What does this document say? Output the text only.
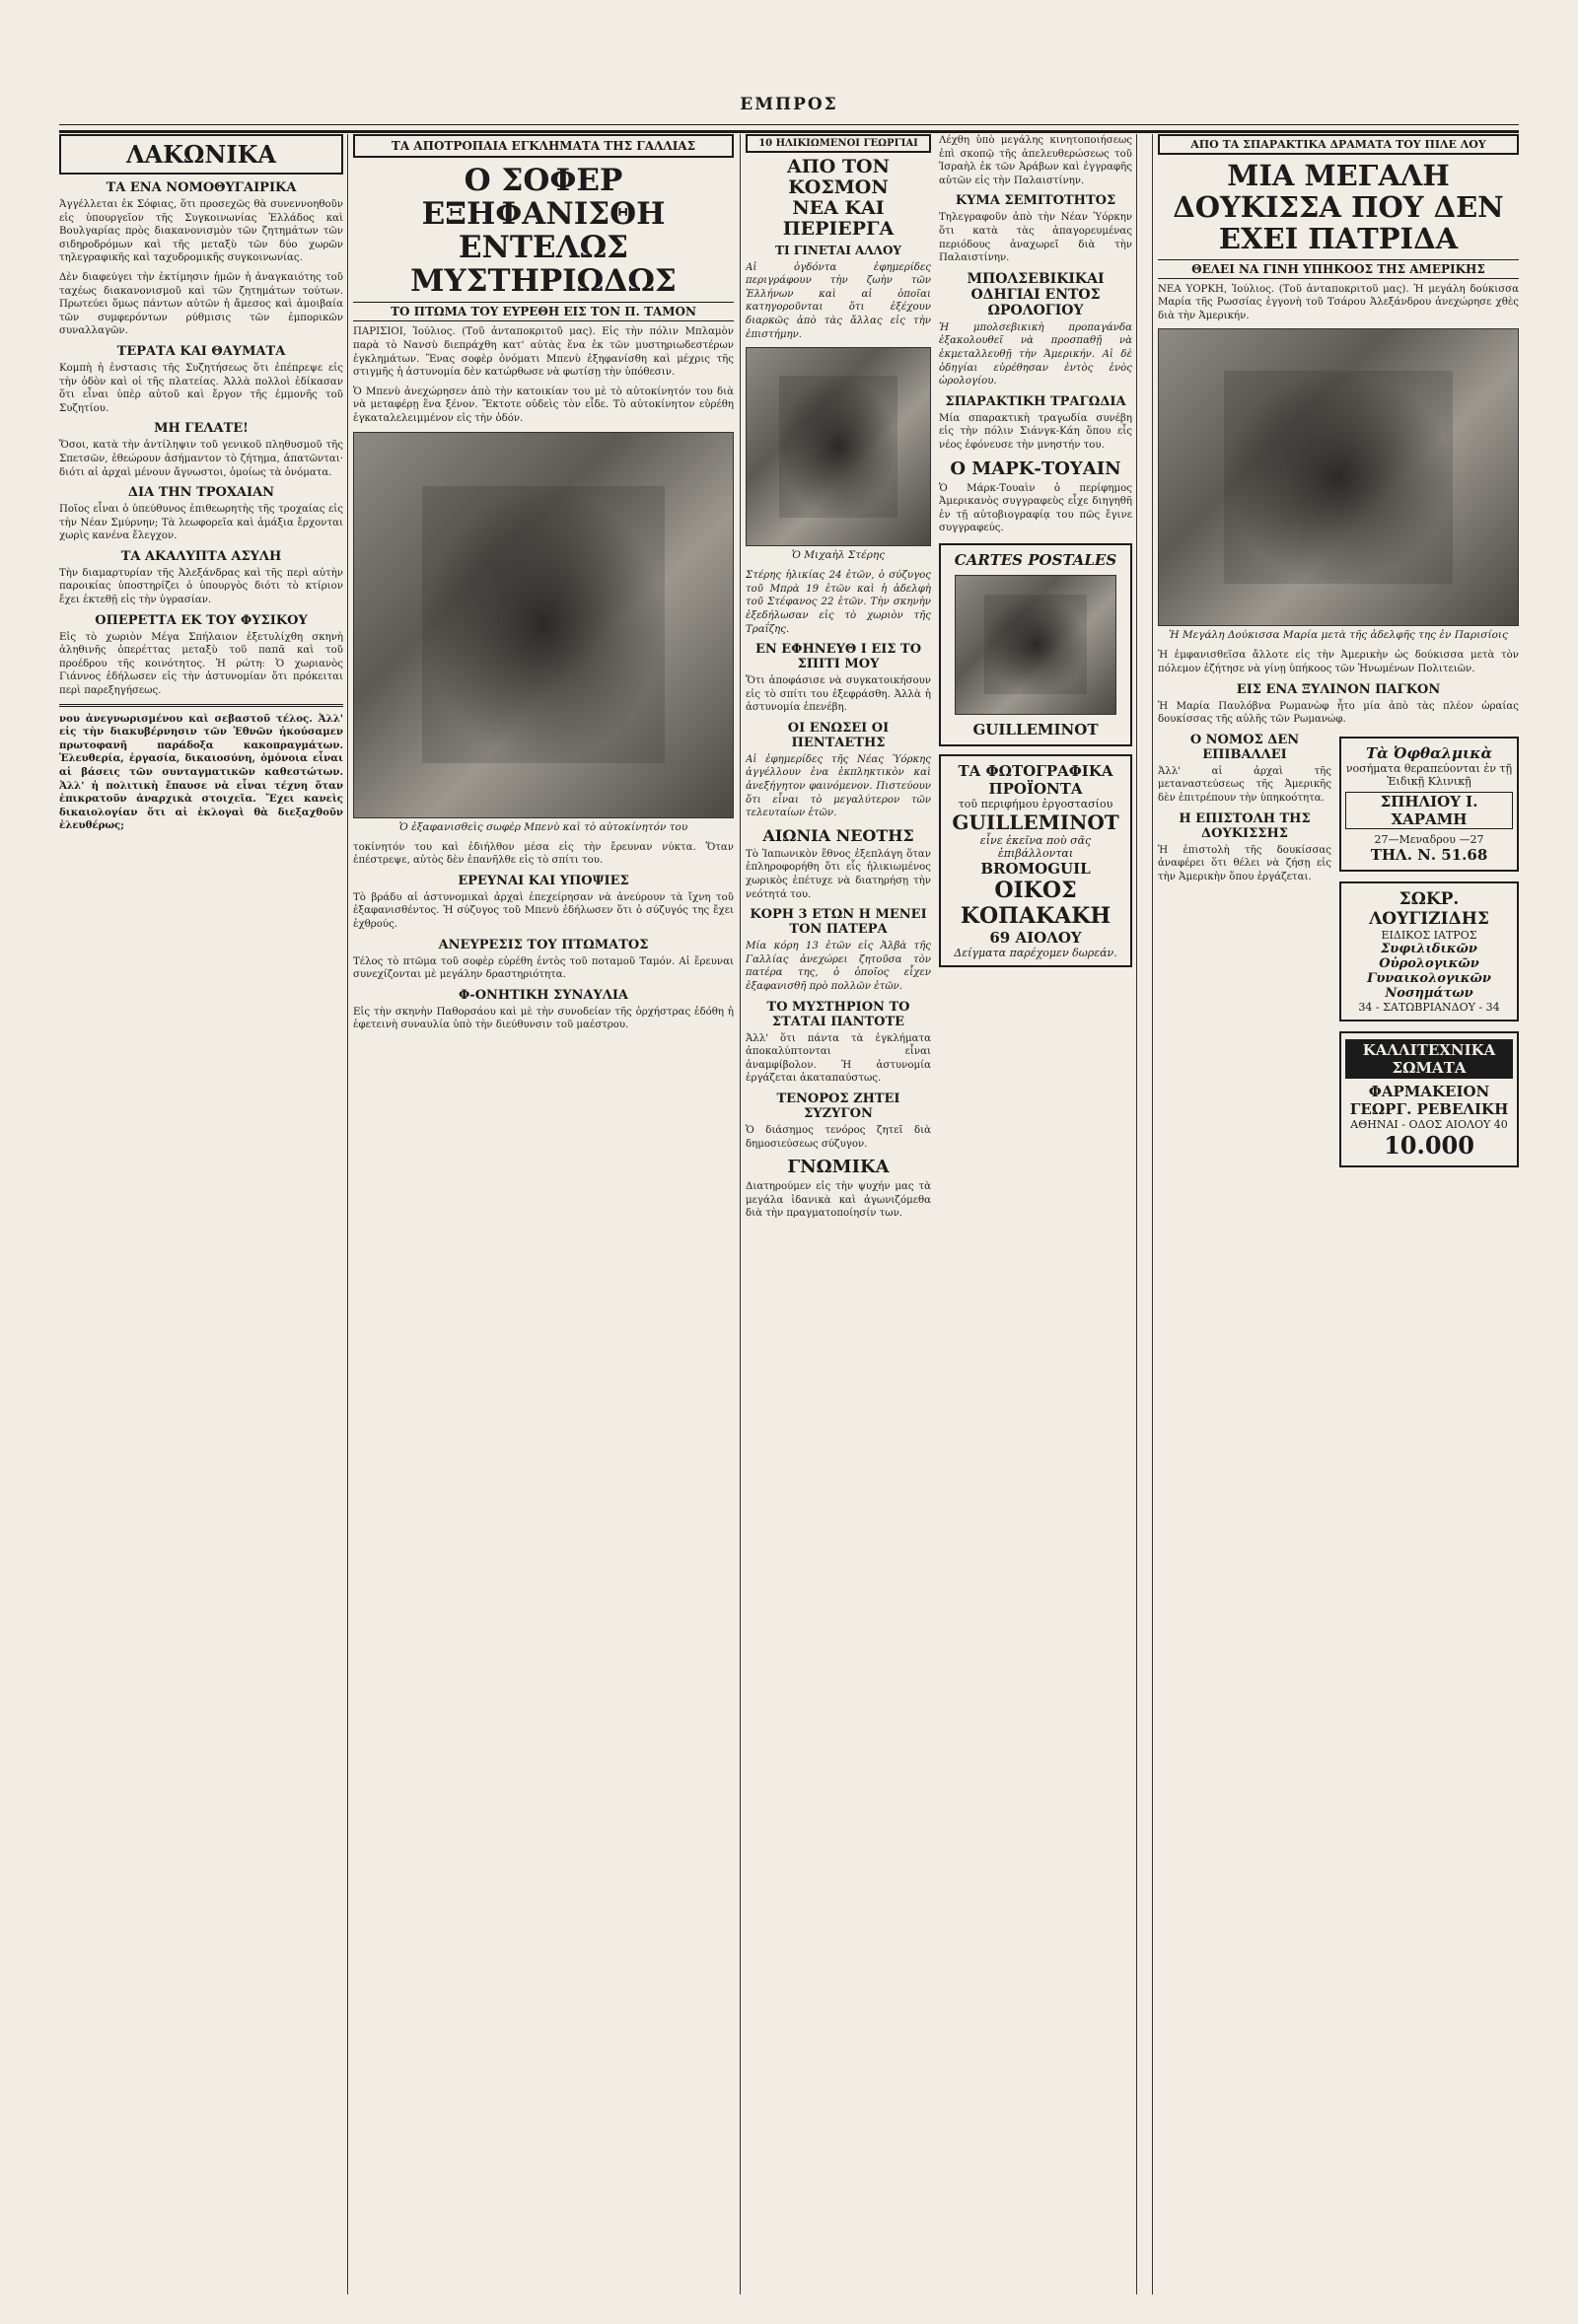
ΕΜΠΡΟΣ
ΛΑΚΩΝΙΚΑ
ΤΑ ΕΝΑ ΝΟΜΟΘΥΓΑΙΡΙΚΑ

Ἀγγέλλεται ἐκ Σόφιας, ὅτι προσεχῶς θὰ συνεννοηθοῦν εἰς ὑπουργεῖον τῆς Συγκοινωνίας Ἑλλάδος καὶ Βουλγαρίας πρὸς διακανονισμὸν τῶν ζητημάτων τῶν σιδηροδρόμων καὶ τῆς μεταξὺ τῶν δύο χωρῶν τηλεγραφικῆς καὶ ταχυδρομικῆς συγκοινωνίας.

Δὲν διαφεύγει τὴν ἐκτίμησιν ἡμῶν ἡ ἀναγκαιότης τοῦ ταχέως διακανονισμοῦ καὶ τῶν ζητημάτων τούτων. Πρωτεύει ὅμως πάντων αὐτῶν ἡ ἄμεσος καὶ ἀμοιβαία τῶν συμφερόντων ρύθμισις τῶν ἐμπορικῶν συναλλαγῶν.

ΤΕΡΑΤΑ ΚΑΙ ΘΑΥΜΑΤΑ

Κομπὴ ἡ ἐνστασις τῆς Συζητήσεως ὅτι ἐπέπρεψε εἰς τὴν ὁδὸν καὶ οἱ τῆς πλατείας. Ἀλλὰ πολλοὶ ἐδίκασαν ὅτι εἶναι ὑπὲρ αὐτοῦ καὶ ἔργον τῆς ἐμμονῆς τοῦ Συζητίου.

ΜΗ ΓΕΛΑΤΕ!

Ὅσοι, κατὰ τὴν ἀντίληψιν τοῦ γενικοῦ πληθυσμοῦ τῆς Σπετσῶν, ἐθεώρουν ἀσήμαντον τὸ ζήτημα, ἀπατῶνται· διότι αἱ ἀρχαὶ μένουν ἄγνωστοι, ὁμοίως τὰ ὁνόματα.

ΔΙΑ ΤΗΝ ΤΡΟΧΑΙΑΝ

Ποῖος εἶναι ὁ ὑπεύθυνος ἐπιθεωρητὴς τῆς τροχαίας εἰς τὴν Νέαν Σμύρνην; Τὰ λεωφορεῖα καὶ ἀμάξια ἔρχονται χωρὶς κανένα ἔλεγχον.

ΤΑ ΑΚΑΛΥΠΤΑ ΑΣΥΛΗ

Τὴν διαμαρτυρίαν τῆς Ἀλεξάνδρας καὶ τῆς περὶ αὐτὴν παροικίας ὑποστηρίζει ὁ ὑπουργὸς διότι τὸ κτίριον ἔχει ἐκτεθῇ εἰς τὴν ὑγρασίαν.

ΟΠΕΡΕΤΤΑ ΕΚ ΤΟΥ ΦΥΣΙΚΟΥ

Εἰς τὸ χωριὸν Μέγα Σπήλαιον ἐξετυλίχθη σκηνὴ ἀληθινῆς ὀπερέττας μεταξὺ τοῦ παπᾶ καὶ τοῦ προέδρου τῆς κοινότητος. Ἡ ρώτη: Ὁ χωριανὸς Γιάννος ἐδήλωσεν εἰς τὴν ἀστυνομίαν ὅτι πρόκειται περὶ παρεξηγήσεως.

νου ἀνεγνωρισμένου καὶ σεβαστοῦ τέλος. Ἀλλ' εἰς τὴν διακυβέρνησιν τῶν Ἐθνῶν ἠκούσαμεν πρωτοφανῆ παράδοξα κακοπραγμάτων. Ἐλευθερία, ἐργασία, δικαιοσύνη, ὁμόνοια εἶναι αἱ βάσεις τῶν συνταγματικῶν καθεστώτων. Ἀλλ' ἡ πολιτικὴ ἔπαυσε νὰ εἶναι τέχνη ὅταν ἐπικρατοῦν ἀναρχικὰ στοιχεῖα. Ἔχει κανεὶς δικαιολογίαν ὅτι αἱ ἐκλογαὶ θὰ διεξαχθοῦν ἐλευθέρως;

ΤΑ ΑΠΟΤΡΟΠΑΙΑ ΕΓΚΛΗΜΑΤΑ ΤΗΣ ΓΑΛΛΙΑΣ
Ο ΣΟΦΕΡ ΕΞΗΦΑΝΙΣΘΗ ΕΝΤΕΛΩΣ ΜΥΣΤΗΡΙΩΔΩΣ
ΤΟ ΠΤΩΜΑ ΤΟΥ ΕΥΡΕΘΗ ΕΙΣ ΤΟΝ Π. ΤΑΜΟΝ

ΠΑΡΙΣΙΟΙ, Ἰούλιος. (Τοῦ ἀνταποκριτοῦ μας). Εἰς τὴν πόλιν Μπλαμὸν παρὰ τὸ Νανσὺ διεπράχθη κατ' αὐτὰς ἕνα ἐκ τῶν μυστηριωδεστέρων ἐγκλημάτων. Ἕνας σοφὲρ ὀνόματι Μπενὺ ἐξηφανίσθη καὶ μέχρις τῆς στιγμῆς ἡ ἀστυνομία δὲν κατώρθωσε νὰ φωτίσῃ τὴν ὑπόθεσιν.

Ὁ Μπενὺ ἀνεχώρησεν ἀπὸ τὴν κατοικίαν του μὲ τὸ αὐτοκίνητόν του διὰ νὰ μεταφέρῃ ἕνα ξένον. Ἔκτοτε οὐδεὶς τὸν εἶδε. Τὸ αὐτοκίνητον εὑρέθη ἐγκαταλελειμμένον εἰς τὴν ὁδόν.

Ὁ ἐξαφανισθεὶς σωφὲρ Μπενὺ καὶ τὸ αὐτοκίνητόν του

τοκίνητόν του καὶ ἐδιήλθον μέσα εἰς τὴν ἔρευναν νύκτα. Ὅταν ἐπέστρεψε, αὐτὸς δὲν ἐπανῆλθε εἰς τὸ σπίτι του.

ΕΡΕΥΝΑΙ ΚΑΙ ΥΠΟΨΙΕΣ

Τὸ βράδυ αἱ ἀστυνομικαὶ ἀρχαὶ ἐπεχείρησαν νὰ ἀνεύρουν τὰ ἴχνη τοῦ ἐξαφανισθέντος. Ἡ σύζυγος τοῦ Μπενὺ ἐδήλωσεν ὅτι ὁ σύζυγός της ἔχει ἐχθρούς.

ΑΝΕΥΡΕΣΙΣ ΤΟΥ ΠΤΩΜΑΤΟΣ

Τέλος τὸ πτῶμα τοῦ σοφὲρ εὑρέθη ἐντὸς τοῦ ποταμοῦ Ταμόν. Αἱ ἔρευναι συνεχίζονται μὲ μεγάλην δραστηριότητα.

Φ-ΟΝΗΤΙΚΗ ΣΥΝΑΥΛΙΑ

Εἰς τὴν σκηνὴν Παθορσάου καὶ μὲ τὴν συνοδείαν τῆς ὀρχήστρας ἐδόθη ἡ ἐφετεινὴ συναυλία ὑπὸ τὴν διεύθυνσιν τοῦ μαέστρου.

10 ΗΛΙΚΙΩΜΕΝΟΙ ΓΕΩΡΓΙΑΙ
ΑΠΟ ΤΟΝ ΚΟΣΜΟΝ
ΝΕΑ ΚΑΙ ΠΕΡΙΕΡΓΑ
ΤΙ ΓΙΝΕΤΑΙ ΑΛΛΟΥ

Αἱ ὀγδόντα ἐφημερίδες περιγράφουν τὴν ζωὴν τῶν Ἐλλήνων καὶ αἱ ὁποῖαι κατηγοροῦνται ὅτι ἐξέχουν διαρκῶς ἀπὸ τὰς ἄλλας εἰς τὴν ἐπιστήμην.

Ὁ Μιχαὴλ Στέρης

Στέρης ἡλικίας 24 ἐτῶν, ὁ σύζυγος τοῦ Μπρὰ 19 ἐτῶν καὶ ἡ ἀδελφὴ τοῦ Στέφανος 22 ἐτῶν. Τὴν σκηνὴν ἐξεδήλωσαν εἰς τὸ χωριὸν τῆς Τραΐζης.

ΕΝ ΕΦΗΝΕΥΘ Ι ΕΙΣ ΤΟ ΣΠΙΤΙ ΜΟΥ

Ὅτι ἀποφάσισε νὰ συγκατοικήσουν εἰς τὸ σπίτι του ἐξεφράσθη. Ἀλλὰ ἡ ἀστυνομία ἐπενέβη.

ΟΙ ΕΝΩΣΕΙ ΟΙ ΠΕΝΤΑΕΤΗΣ

Αἱ ἐφημερίδες τῆς Νέας Ὑόρκης ἀγγέλλουν ἐνα ἐκπληκτικὸν καὶ ἀνεξήγητον φαινόμενον. Πιστεύουν ὅτι εἶναι τὸ μεγαλύτερον τῶν τελευταίων ἐτῶν.

ΑΙΩΝΙΑ ΝΕΟΤΗΣ

Τὸ Ἰαπωνικὸν ἔθνος ἐξεπλάγη ὅταν ἐπληροφορήθη ὅτι εἷς ἡλικιωμένος χωρικὸς ἐπέτυχε νὰ διατηρήσῃ τὴν νεότητά του.

ΚΟΡΗ 3 ΕΤΩΝ Η ΜΕΝΕΙ ΤΟΝ ΠΑΤΕΡΑ

Μία κόρη 13 ἐτῶν εἰς Ἀλβὰ τῆς Γαλλίας ἀνεχώρει ζητοῦσα τὸν πατέρα της, ὁ ὁποῖος εἶχεν ἐξαφανισθῆ πρὸ πολλῶν ἐτῶν.

ΤΟ ΜΥΣΤΗΡΙΟΝ ΤΟ ΣΤΑΤΑΙ ΠΑΝΤΟΤΕ

Ἀλλ' ὅτι πάντα τὰ ἐγκλήματα ἀποκαλύπτονται εἶναι ἀναμφίβολον. Ἡ ἀστυνομία ἐργάζεται ἀκαταπαύστως.

ΤΕΝΟΡΟΣ ΖΗΤΕΙ ΣΥΖΥΓΟΝ

Ὁ διάσημος τενόρος ζητεῖ διὰ δημοσιεύσεως σύζυγον.

ΓΝΩΜΙΚΑ

Διατηρούμεν εἰς τὴν ψυχήν μας τὰ μεγάλα ἰδανικὰ καὶ ἀγωνιζόμεθα διὰ τὴν πραγματοποίησίν των.

Λέχθη ὑπὸ μεγάλης κινητοποιήσεως ἐπὶ σκοπῷ τῆς ἀπελευθερώσεως τοῦ Ἰσραὴλ ἐκ τῶν Ἀράβων καὶ ἐγγραφῆς αὐτῶν εἰς τὴν Παλαιστίνην.

ΚΥΜΑ ΣΕΜΙΤΟΤΗΤΟΣ

Τηλεγραφοῦν ἀπὸ τὴν Νέαν Ὑόρκην ὅτι κατὰ τὰς ἀπαγορευμένας περιόδους ἀναχωρεῖ διὰ τὴν Παλαιστίνην.

ΜΠΟΛΣΕΒΙΚΙΚΑΙ ΟΔΗΓΙΑΙ ΕΝΤΟΣ ΩΡΟΛΟΓΙΟΥ

Ἡ μπολσεβικικὴ προπαγάνδα ἐξακολουθεῖ νὰ προσπαθῇ νὰ ἐκμεταλλευθῇ τὴν Ἀμερικήν. Αἱ δὲ ὁδηγίαι εὑρέθησαν ἐντὸς ἑνὸς ὡρολογίου.

ΣΠΑΡΑΚΤΙΚΗ ΤΡΑΓΩΔΙΑ

Μία σπαρακτικὴ τραγωδία συνέβη εἰς τὴν πόλιν Σιάνγκ-Κάη ὅπου εἷς νέος ἐφόνευσε τὴν μνηστήν του.

Ο ΜΑΡΚ-ΤΟΥΑΙΝ

Ὁ Μάρκ-Τουαὶν ὁ περίφημος Ἀμερικανὸς συγγραφεὺς εἶχε διηγηθῆ ἐν τῇ αὐτοβιογραφίᾳ του πῶς ἔγινε συγγραφεύς.

CARTES POSTALES
GUILLEMINOT
ΤΑ ΦΩΤΟΓΡΑΦΙΚΑ ΠΡΟΪΟΝΤΑ
τοῦ περιφήμου ἐργοστασίου
GUILLEMINOT
εἶνε ἐκεῖνα ποὺ σᾶς ἐπιβάλλονται
BROMOGUIL
ΟΙΚΟΣ ΚΟΠΑΚΑΚΗ
69 ΑΙΟΛΟΥ
Δείγματα παρέχομεν δωρεάν.
ΑΠΟ ΤΑ ΣΠΑΡΑΚΤΙΚΑ ΔΡΑΜΑΤΑ ΤΟΥ ΠΙΛΕ ΛΟΥ
ΜΙΑ ΜΕΓΑΛΗ ΔΟΥΚΙΣΣΑ ΠΟΥ ΔΕΝ ΕΧΕΙ ΠΑΤΡΙΔΑ
ΘΕΛΕΙ ΝΑ ΓΙΝΗ ΥΠΗΚΟΟΣ ΤΗΣ ΑΜΕΡΙΚΗΣ

ΝΕΑ ΥΟΡΚΗ, Ἰούλιος. (Τοῦ ἀνταποκριτοῦ μας). Ἡ μεγάλη δούκισσα Μαρία τῆς Ρωσσίας ἐγγονὴ τοῦ Τσάρου Ἀλεξάνδρου ἀνεχώρησε χθὲς διὰ τὴν Ἀμερικήν.

Ἡ Μεγάλη Δούκισσα Μαρία μετὰ τῆς ἀδελφῆς της ἐν Παρισίοις

Ἡ ἐμφανισθεῖσα ἄλλοτε εἰς τὴν Ἀμερικὴν ὡς δούκισσα μετὰ τὸν πόλεμον ἐζήτησε νὰ γίνῃ ὑπήκοος τῶν Ἡνωμένων Πολιτειῶν.

ΕΙΣ ΕΝΑ ΞΥΛΙΝΟΝ ΠΑΓΚΟΝ

Ἡ Μαρία Παυλόβνα Ρωμανὼφ ἦτο μία ἀπὸ τὰς πλέον ὡραίας δουκίσσας τῆς αὐλῆς τῶν Ρωμανώφ.

Τὰ Ὀφθαλμικὰ
νοσήματα θεραπεύονται ἐν τῇ Ἑιδικῇ Κλινικῇ
ΣΠΗΛΙΟΥ Ι. ΧΑΡΑΜΗ
27—Μεναδρου —27
ΤΗΛ. Ν. 51.68
Ο ΝΟΜΟΣ ΔΕΝ ΕΠΙΒΑΛΛΕΙ

Ἀλλ' αἱ ἀρχαὶ τῆς μεταναστεύσεως τῆς Ἀμερικῆς δὲν ἐπιτρέπουν τὴν ὑπηκοότητα.

ΣΩΚΡ. ΛΟΥΓΙΖΙΔΗΣ
ΕΙΔΙΚΟΣ ΙΑΤΡΟΣ
Συφιλιδικῶν Οὐρολογικῶν Γυναικολογικῶν Νοσημάτων
34 - ΣΑΤΩΒΡΙΑΝΔΟΥ - 34
Η ΕΠΙΣΤΟΛΗ ΤΗΣ ΔΟΥΚΙΣΣΗΣ

Ἡ ἐπιστολὴ τῆς δουκίσσας ἀναφέρει ὅτι θέλει νὰ ζήσῃ εἰς τὴν Ἀμερικὴν ὅπου ἐργάζεται.

ΚΑΛΛΙΤΕΧΝΙΚΑ ΣΩΜΑΤΑ
ΦΑΡΜΑΚΕΙΟΝ ΓΕΩΡΓ. ΡΕΒΕΛΙΚΗ
ΑΘΗΝΑΙ - ΟΔΟΣ ΑΙΟΛΟΥ 40
10.000
